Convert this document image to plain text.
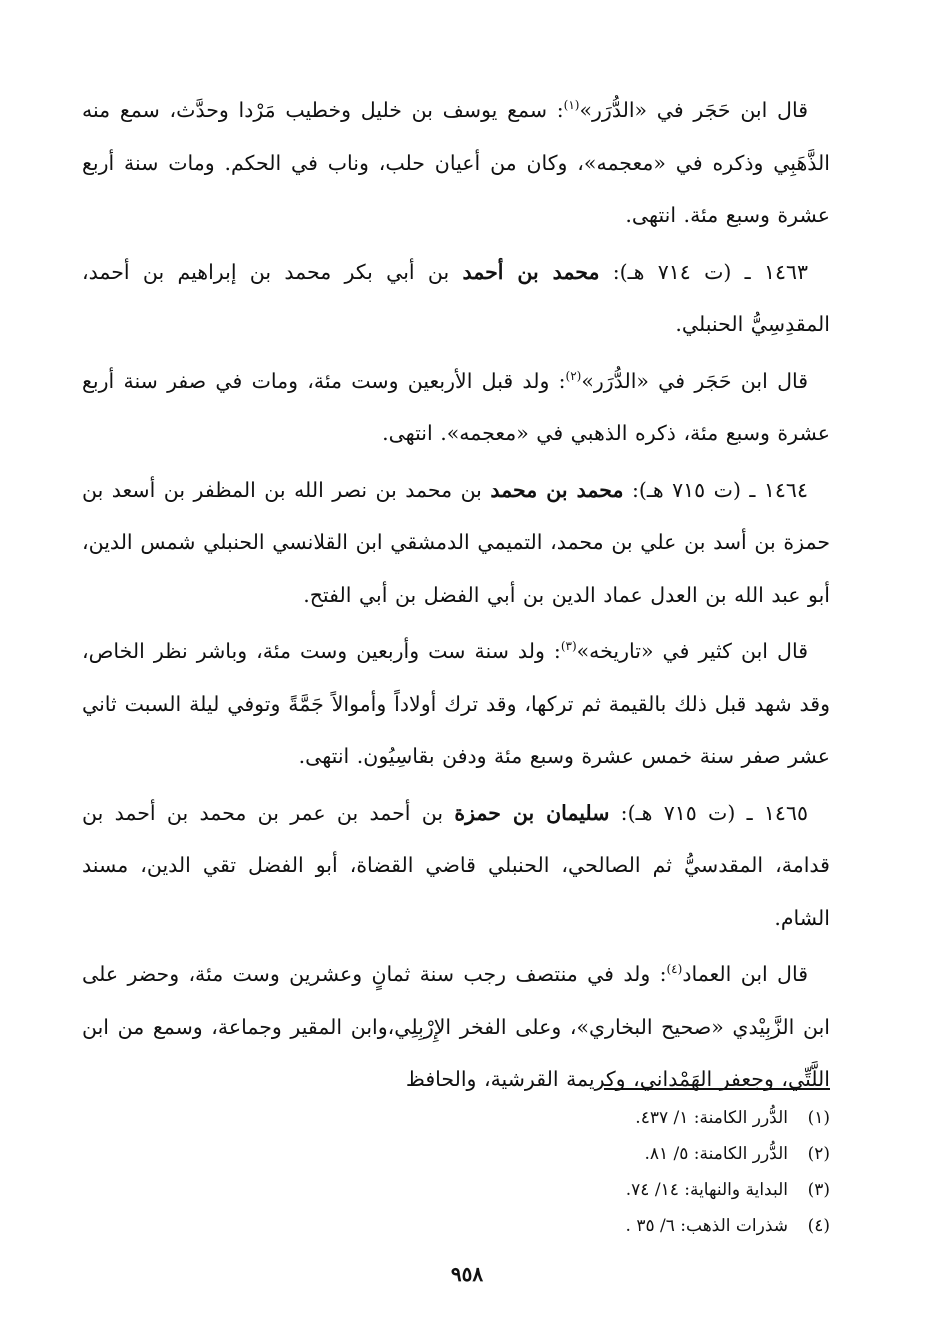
قال ابن حَجَر في «الدُّرَر»$^{(١)}$: سمع يوسف بن خليل وخطيب مَرْدا وحدَّث، سمع منه الذَّهَبِي وذكره في «معجمه»، وكان من أعيان حلب، وناب في الحكم. ومات سنة أربع عشرة وسبع مئة. انتهى.

١٤٦٣ ـ (ت ٧١٤ هـ): محمد بن أحمد بن أبي بكر محمد بن إبراهيم بن أحمد، المقدِسِيُّ الحنبلي.

قال ابن حَجَر في «الدُّرَر»$^{(٢)}$: ولد قبل الأربعين وست مئة، ومات في صفر سنة أربع عشرة وسبع مئة، ذكره الذهبي في «معجمه». انتهى.

١٤٦٤ ـ (ت ٧١٥ هـ): محمد بن محمد بن محمد بن نصر الله بن المظفر بن أسعد بن حمزة بن أسد بن علي بن محمد، التميمي الدمشقي ابن القلانسي الحنبلي شمس الدين، أبو عبد الله بن العدل عماد الدين بن أبي الفضل بن أبي الفتح.

قال ابن كثير في «تاريخه»$^{(٣)}$: ولد سنة ست وأربعين وست مئة، وباشر نظر الخاص، وقد شهد قبل ذلك بالقيمة ثم تركها، وقد ترك أولاداً وأموالاً جَمَّةً وتوفي ليلة السبت ثاني عشر صفر سنة خمس عشرة وسبع مئة ودفن بقاسِيُون. انتهى.

١٤٦٥ ـ (ت ٧١٥ هـ): سليمان بن حمزة بن أحمد بن عمر بن محمد بن أحمد بن قدامة، المقدسيُّ ثم الصالحي، الحنبلي قاضي القضاة، أبو الفضل تقي الدين، مسند الشام.

قال ابن العماد$^{(٤)}$: ولد في منتصف رجب سنة ثمانٍ وعشرين وست مئة، وحضر على ابن الزَّبِيْدي «صحيح البخاري»، وعلى الفخر الإِرْبِلِي،وابن المقير وجماعة، وسمع من ابن اللَّتِّي، وجعفر الهَمْداني، وكريمة القرشية، والحافظ

(١)الدُّرر الكامنة: ١/ ٤٣٧.
(٢)الدُّرر الكامنة: ٥/ ٨١.
(٣)البداية والنهاية: ١٤/ ٧٤.
(٤)شذرات الذهب: ٦/ ٣٥ .
٩٥٨
